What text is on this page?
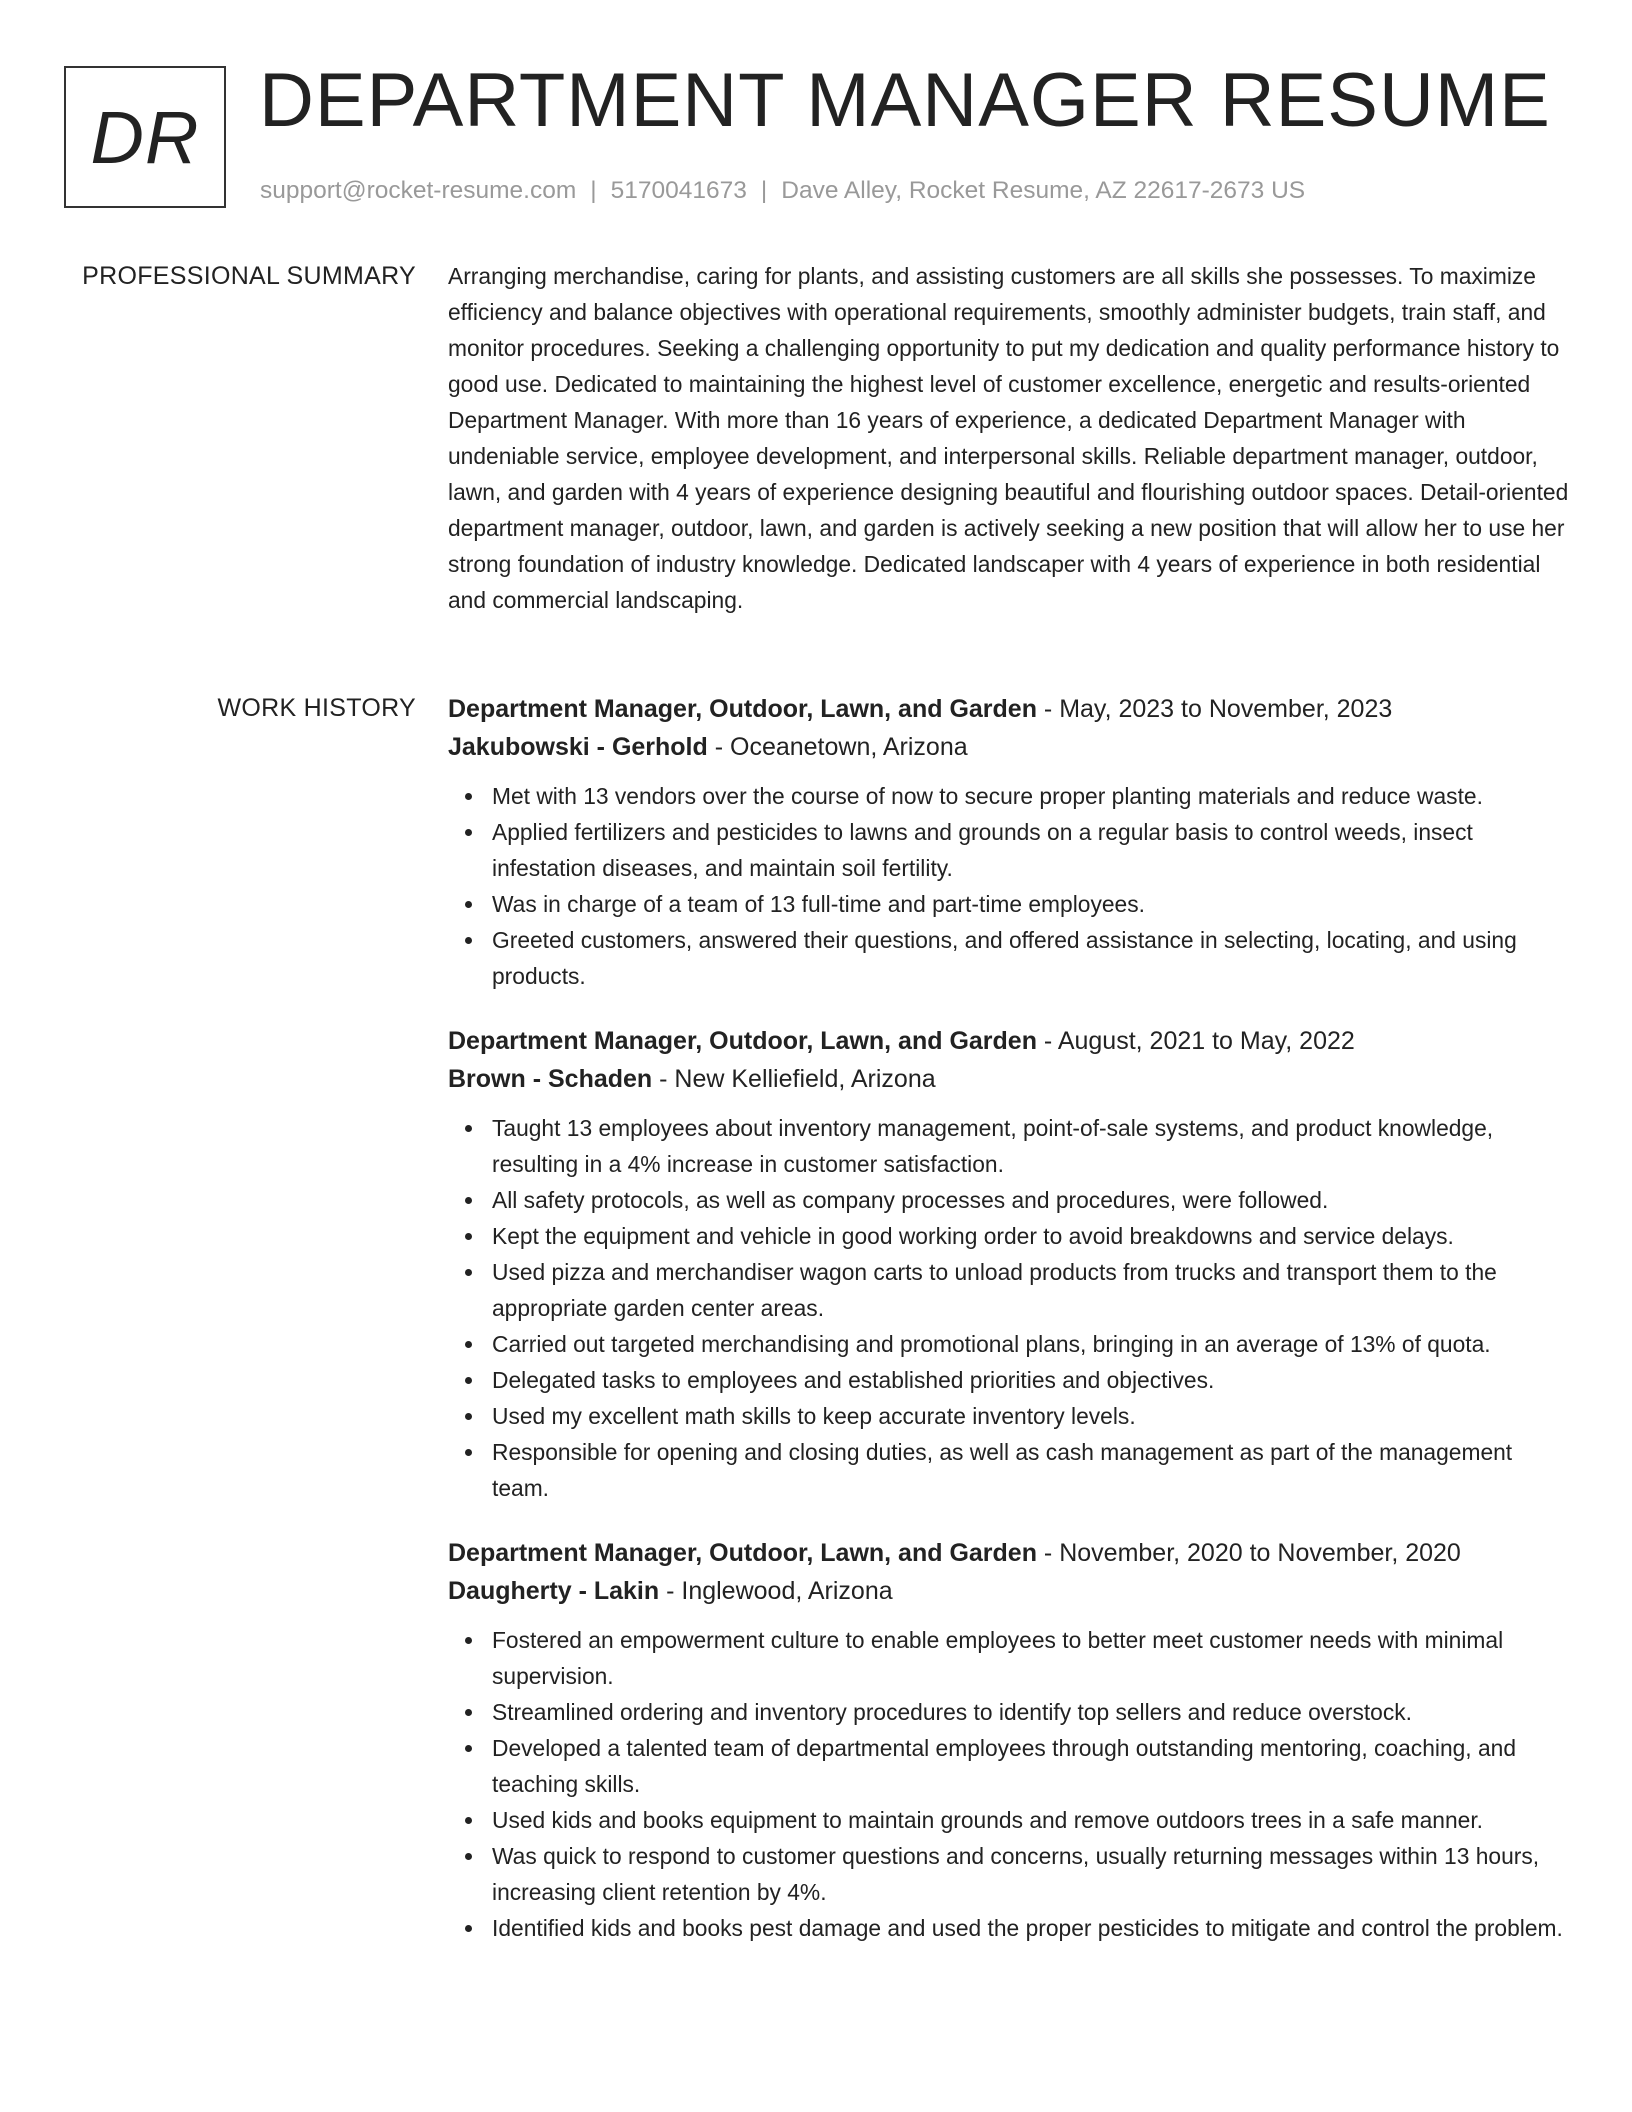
DR DEPARTMENT MANAGER RESUME
support@rocket-resume.com | 5170041673 | Dave Alley, Rocket Resume, AZ 22617-2673 US
PROFESSIONAL SUMMARY Arranging merchandise, caring for plants, and assisting customers are all skills she possesses. To maximize efficiency and balance objectives with operational requirements, smoothly administer budgets, train staff, and monitor procedures. Seeking a challenging opportunity to put my dedication and quality performance history to good use. Dedicated to maintaining the highest level of customer excellence, energetic and results-oriented Department Manager. With more than 16 years of experience, a dedicated Department Manager with undeniable service, employee development, and interpersonal skills. Reliable department manager, outdoor, lawn, and garden with 4 years of experience designing beautiful and flourishing outdoor spaces. Detail-oriented department manager, outdoor, lawn, and garden is actively seeking a new position that will allow her to use her strong foundation of industry knowledge. Dedicated landscaper with 4 years of experience in both residential and commercial landscaping.

WORK HISTORY Department Manager, Outdoor, Lawn, and Garden - May, 2023 to November, 2023
Jakubowski - Gerhold - Oceanetown, Arizona
Met with 13 vendors over the course of now to secure proper planting materials and reduce waste.
Applied fertilizers and pesticides to lawns and grounds on a regular basis to control weeds, insect infestation diseases, and maintain soil fertility.
Was in charge of a team of 13 full-time and part-time employees.
Greeted customers, answered their questions, and offered assistance in selecting, locating, and using products.
Department Manager, Outdoor, Lawn, and Garden - August, 2021 to May, 2022
Brown - Schaden - New Kelliefield, Arizona
Taught 13 employees about inventory management, point-of-sale systems, and product knowledge, resulting in a 4% increase in customer satisfaction.
All safety protocols, as well as company processes and procedures, were followed.
Kept the equipment and vehicle in good working order to avoid breakdowns and service delays.
Used pizza and merchandiser wagon carts to unload products from trucks and transport them to the appropriate garden center areas.
Carried out targeted merchandising and promotional plans, bringing in an average of 13% of quota.
Delegated tasks to employees and established priorities and objectives.
Used my excellent math skills to keep accurate inventory levels.
Responsible for opening and closing duties, as well as cash management as part of the management team.
Department Manager, Outdoor, Lawn, and Garden - November, 2020 to November, 2020
Daugherty - Lakin - Inglewood, Arizona
Fostered an empowerment culture to enable employees to better meet customer needs with minimal supervision.
Streamlined ordering and inventory procedures to identify top sellers and reduce overstock.
Developed a talented team of departmental employees through outstanding mentoring, coaching, and teaching skills.
Used kids and books equipment to maintain grounds and remove outdoors trees in a safe manner.
Was quick to respond to customer questions and concerns, usually returning messages within 13 hours, increasing client retention by 4%.
Identified kids and books pest damage and used the proper pesticides to mitigate and control the problem.
